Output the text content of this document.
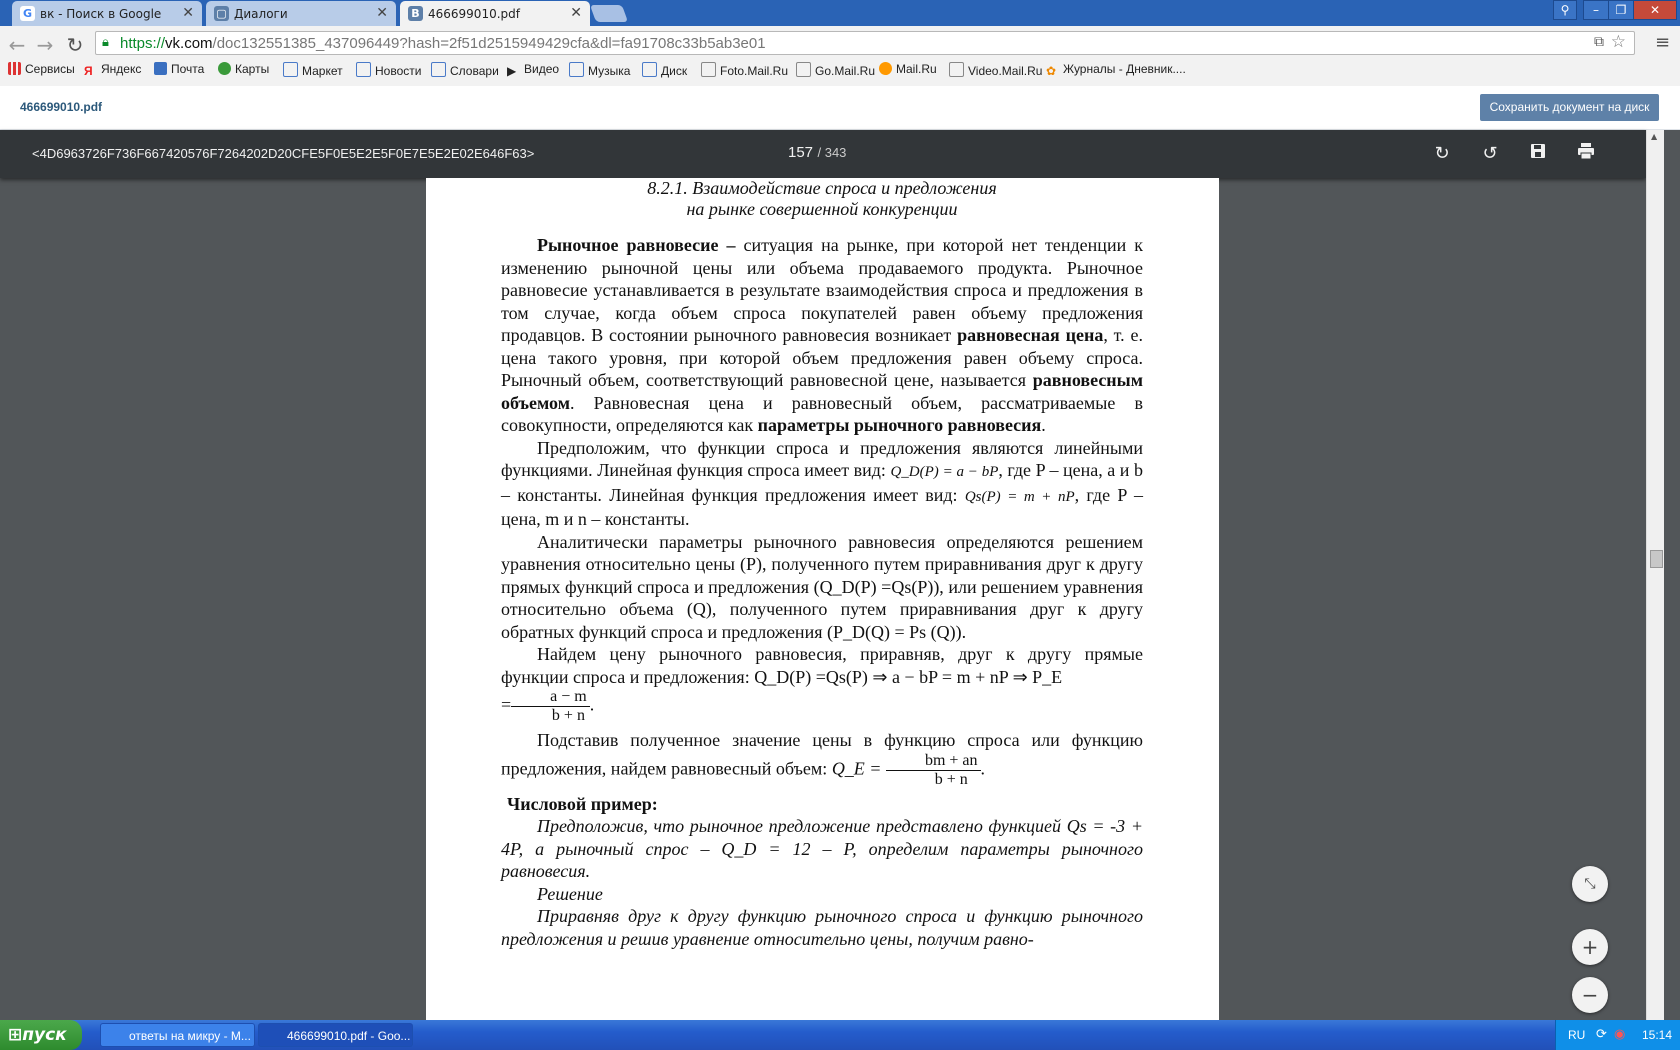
G вк - Поиск в Google ✕ ▢ Диалоги	✕ B 466699010.pdf	✕	⚲	–	❐	✕
← → ↻	🔒︎ https://vk.com/doc132551385_437096449?hash=2f51d2515949429cfa&dl=fa91708c33b5ab3e01	⧉ ☆ ≡
Сервисы Я Яндекс	Почта	Карты	Маркет	Новости	Словари ▶ Видео	Музыка	Диск	Foto.Mail.Ru	Go.Mail.Ru	Mail.Ru	Video.Mail.Ru ✿ Журналы - Дневник....
466699010.pdf	Сохранить документ на диск
<4D6963726F736F667420576F7264202D20CFE5F0E5E2E5F0E7E5E2E02E646F63>	157 / 343	↻ ↺
8.2.1. Взаимодействие спроса и предложения
на рынке совершенной конкуренции

Рыночное равновесие – ситуация на рынке, при которой нет тенденции к изменению рыночной цены или объема продаваемого продукта. Рыночное равновесие устанавливается в результате взаимодействия спроса и предложения в том случае, когда объем спроса покупателей равен объему предложения продавцов. В состоянии рыночного равновесия возникает равновесная цена, т. е. цена такого уровня, при которой объем предложения равен объему спроса. Рыночный объем, соответствующий равновесной цене, называется равновесным объемом. Равновесная цена и равновесный объем, рассматриваемые в совокупности, определяются как параметры рыночного равновесия.

Предположим, что функции спроса и предложения являются линейными функциями. Линейная функция спроса имеет вид: Q_D(P) = a − bP, где P – цена, a и b – константы. Линейная функция предложения имеет вид: Qs(P) = m + nP, где P – цена, m и n – константы.

Аналитически параметры рыночного равновесия определяются решением уравнения относительно цены (P), полученного путем приравнивания друг к другу прямых функций спроса и предложения (Q_D(P) =Qs(P)), или решением уравнения относительно объема (Q), полученного путем приравнивания друг к другу обратных функций спроса и предложения (P_D(Q) = Ps (Q)).

Найдем цену рыночного равновесия, приравняв, друг к другу прямые функции спроса и предложения: Q_D(P) =Qs(P) ⇒ a − bP = m + nP ⇒ P_E
= $\frac{a - m}{b + n}$ .

Подставив полученное значение цены в функцию спроса или функцию предложения, найдем равновесный объем: Q_E = $\frac{bm + an}{b + n}$ .

Числовой пример:

Предположив, что рыночное предложение представлено функцией Qs = -3 + 4P, а рыночный спрос – Q_D = 12 – P, определим параметры рыночного равновесия.

Решение

Приравняв друг к другу функцию рыночного спроса и функцию рыночного предложения и решив уравнение относительно цены, получим равно-

▲
⤡
+
−
⊞пуск	ответы на микру - M...	466699010.pdf - Goo...	RU ⟳ ◉ 15:14
